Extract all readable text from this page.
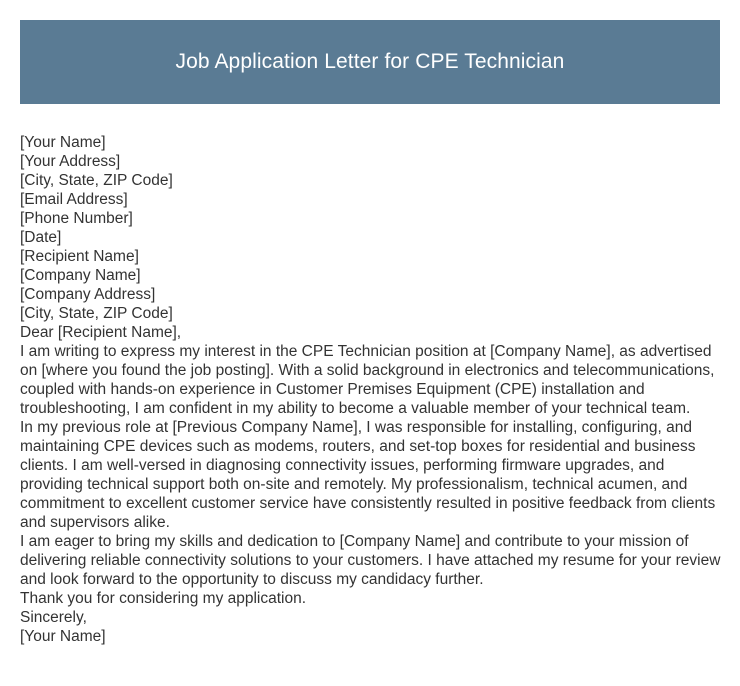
Job Application Letter for CPE Technician
[Your Name]
[Your Address]
[City, State, ZIP Code]
[Email Address]
[Phone Number]
[Date]
[Recipient Name]
[Company Name]
[Company Address]
[City, State, ZIP Code]
Dear [Recipient Name],
I am writing to express my interest in the CPE Technician position at [Company Name], as advertised on [where you found the job posting]. With a solid background in electronics and telecommunications, coupled with hands-on experience in Customer Premises Equipment (CPE) installation and troubleshooting, I am confident in my ability to become a valuable member of your technical team.
In my previous role at [Previous Company Name], I was responsible for installing, configuring, and maintaining CPE devices such as modems, routers, and set-top boxes for residential and business clients. I am well-versed in diagnosing connectivity issues, performing firmware upgrades, and providing technical support both on-site and remotely. My professionalism, technical acumen, and commitment to excellent customer service have consistently resulted in positive feedback from clients and supervisors alike.
I am eager to bring my skills and dedication to [Company Name] and contribute to your mission of delivering reliable connectivity solutions to your customers. I have attached my resume for your review and look forward to the opportunity to discuss my candidacy further.
Thank you for considering my application.
Sincerely,
[Your Name]
